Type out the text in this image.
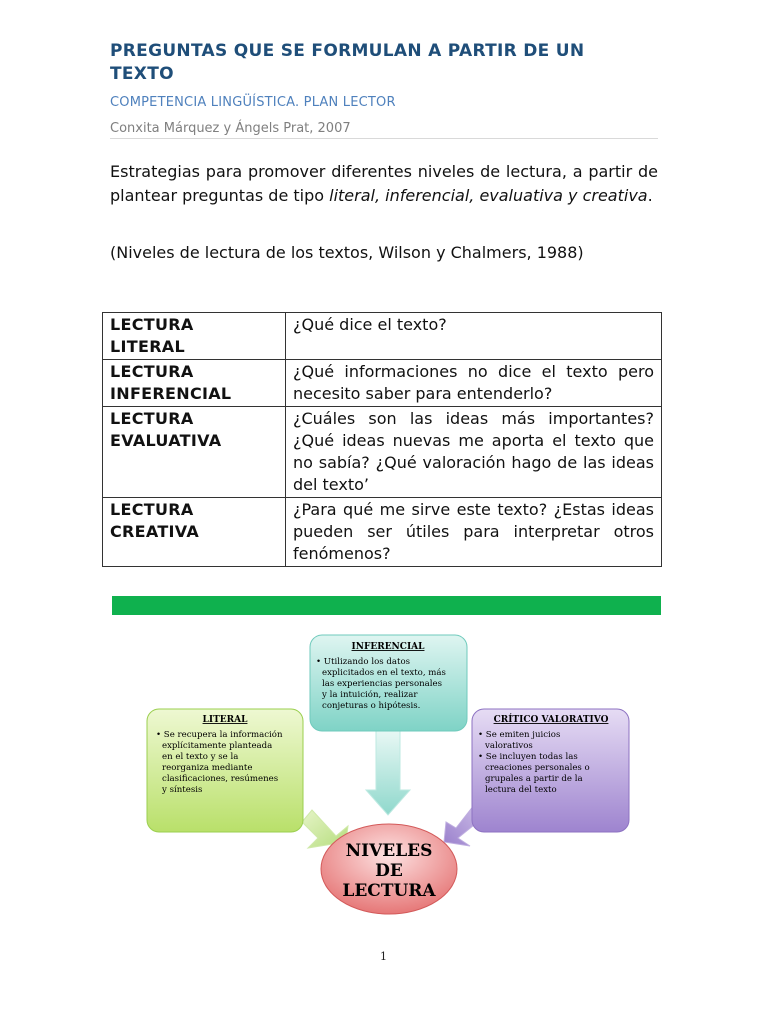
PREGUNTAS QUE SE FORMULAN A PARTIR DE UN
TEXTO
COMPETENCIA LINGÜÍSTICA. PLAN LECTOR
Conxita Márquez y Ángels Prat, 2007

Estrategias para promover diferentes niveles de lectura, a partir de plantear preguntas de tipo literal, inferencial, evaluativa y creativa.

(Niveles de lectura de los textos, Wilson y Chalmers, 1988)

LECTURA
LITERAL	¿Qué dice el texto?

LECTURA
INFERENCIAL	¿Qué informaciones no dice el texto pero necesito saber para entenderlo?

LECTURA
EVALUATIVA	¿Cuáles son las ideas más importantes? ¿Qué ideas nuevas me aporta el texto que no sabía? ¿Qué valoración hago de las ideas del texto’

LECTURA
CREATIVA	¿Para qué me sirve este texto? ¿Estas ideas pueden ser útiles para interpretar otros fenómenos?
LITERAL
• Se recupera la información
explícitamente planteada
en el texto y se la
reorganiza mediante
clasificaciones, resúmenes
y síntesis
INFERENCIAL
• Utilizando los datos
explicitados en el texto, más
las experiencias personales
y la intuición, realizar
conjeturas o hipótesis.
CRÍTICO VALORATIVO
• Se emiten juicios
valorativos
• Se incluyen todas las
creaciones personales o
grupales a partir de la
lectura del texto
NIVELES
DE
LECTURA
1
